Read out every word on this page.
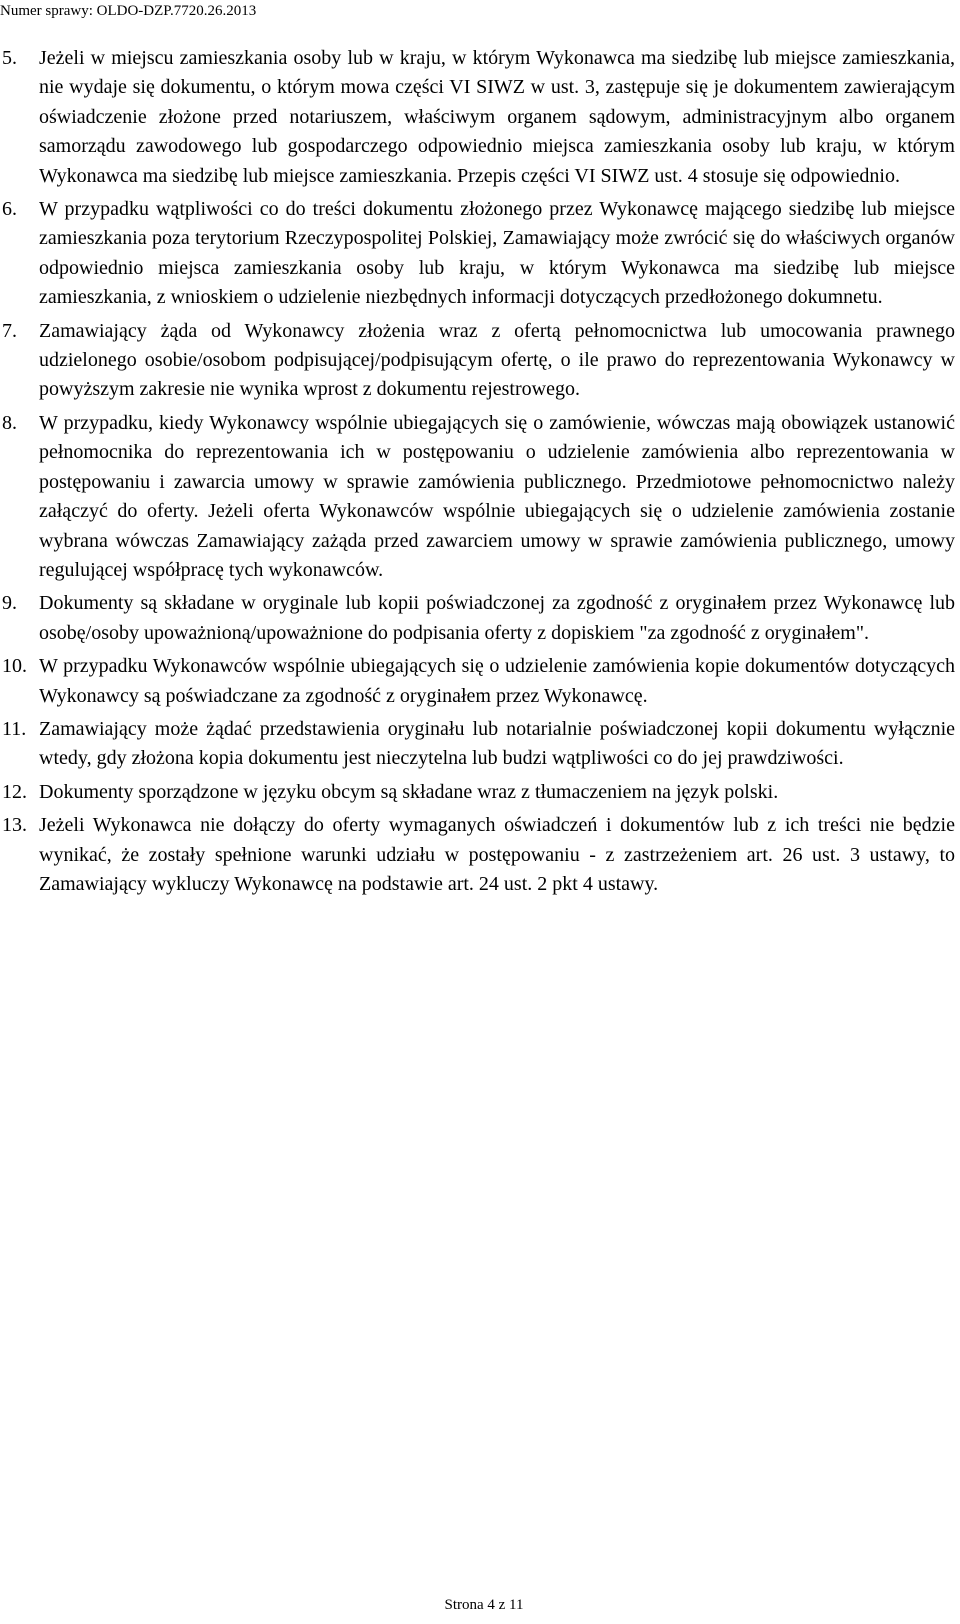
Numer sprawy: OLDO-DZP.7720.26.2013
5.	Jeżeli w miejscu zamieszkania osoby lub w kraju, w którym Wykonawca ma siedzibę lub miejsce zamieszkania, nie wydaje się dokumentu, o którym mowa części VI SIWZ w ust. 3, zastępuje się je dokumentem zawierającym oświadczenie złożone przed notariuszem, właściwym organem sądowym, administracyjnym albo organem samorządu zawodowego lub gospodarczego odpowiednio miejsca zamieszkania osoby lub kraju, w którym Wykonawca ma siedzibę lub miejsce zamieszkania. Przepis części VI SIWZ ust. 4 stosuje się odpowiednio.
6.	W przypadku wątpliwości co do treści dokumentu złożonego przez Wykonawcę mającego siedzibę lub miejsce zamieszkania poza terytorium Rzeczypospolitej Polskiej, Zamawiający może zwrócić się do właściwych organów odpowiednio miejsca zamieszkania osoby lub kraju, w którym Wykonawca ma siedzibę lub miejsce zamieszkania, z wnioskiem o udzielenie niezbędnych informacji dotyczących przedłożonego dokumnetu.
7.	Zamawiający żąda od Wykonawcy złożenia wraz z ofertą pełnomocnictwa lub umocowania prawnego udzielonego osobie/osobom podpisującej/podpisującym ofertę, o ile prawo do reprezentowania Wykonawcy w powyższym zakresie nie wynika wprost z dokumentu rejestrowego.
8.	W przypadku, kiedy Wykonawcy wspólnie ubiegających się o zamówienie, wówczas mają obowiązek ustanowić pełnomocnika do reprezentowania ich w postępowaniu o udzielenie zamówienia albo reprezentowania w postępowaniu i zawarcia umowy w sprawie zamówienia publicznego. Przedmiotowe pełnomocnictwo należy załączyć do oferty. Jeżeli oferta Wykonawców wspólnie ubiegających się o udzielenie zamówienia zostanie wybrana wówczas Zamawiający zażąda przed zawarciem umowy w sprawie zamówienia publicznego, umowy regulującej współpracę tych wykonawców.
9.	Dokumenty są składane w oryginale lub kopii poświadczonej za zgodność z oryginałem przez Wykonawcę lub osobę/osoby upoważnioną/upoważnione do podpisania oferty z dopiskiem "za zgodność z oryginałem".
10. W przypadku Wykonawców wspólnie ubiegających się o udzielenie zamówienia kopie dokumentów dotyczących Wykonawcy są poświadczane za zgodność z oryginałem przez Wykonawcę.
11. Zamawiający może żądać przedstawienia oryginału lub notarialnie poświadczonej kopii dokumentu wyłącznie wtedy, gdy złożona kopia dokumentu jest nieczytelna lub budzi wątpliwości co do jej prawdziwości.
12. Dokumenty sporządzone w języku obcym są składane wraz z tłumaczeniem na język polski.
13. Jeżeli Wykonawca nie dołączy do oferty wymaganych oświadczeń i dokumentów lub z ich treści nie będzie wynikać, że zostały spełnione warunki udziału w postępowaniu - z zastrzeżeniem art. 26 ust. 3 ustawy, to Zamawiający wykluczy Wykonawcę na podstawie art. 24 ust. 2 pkt 4 ustawy.
Strona 4 z 11
